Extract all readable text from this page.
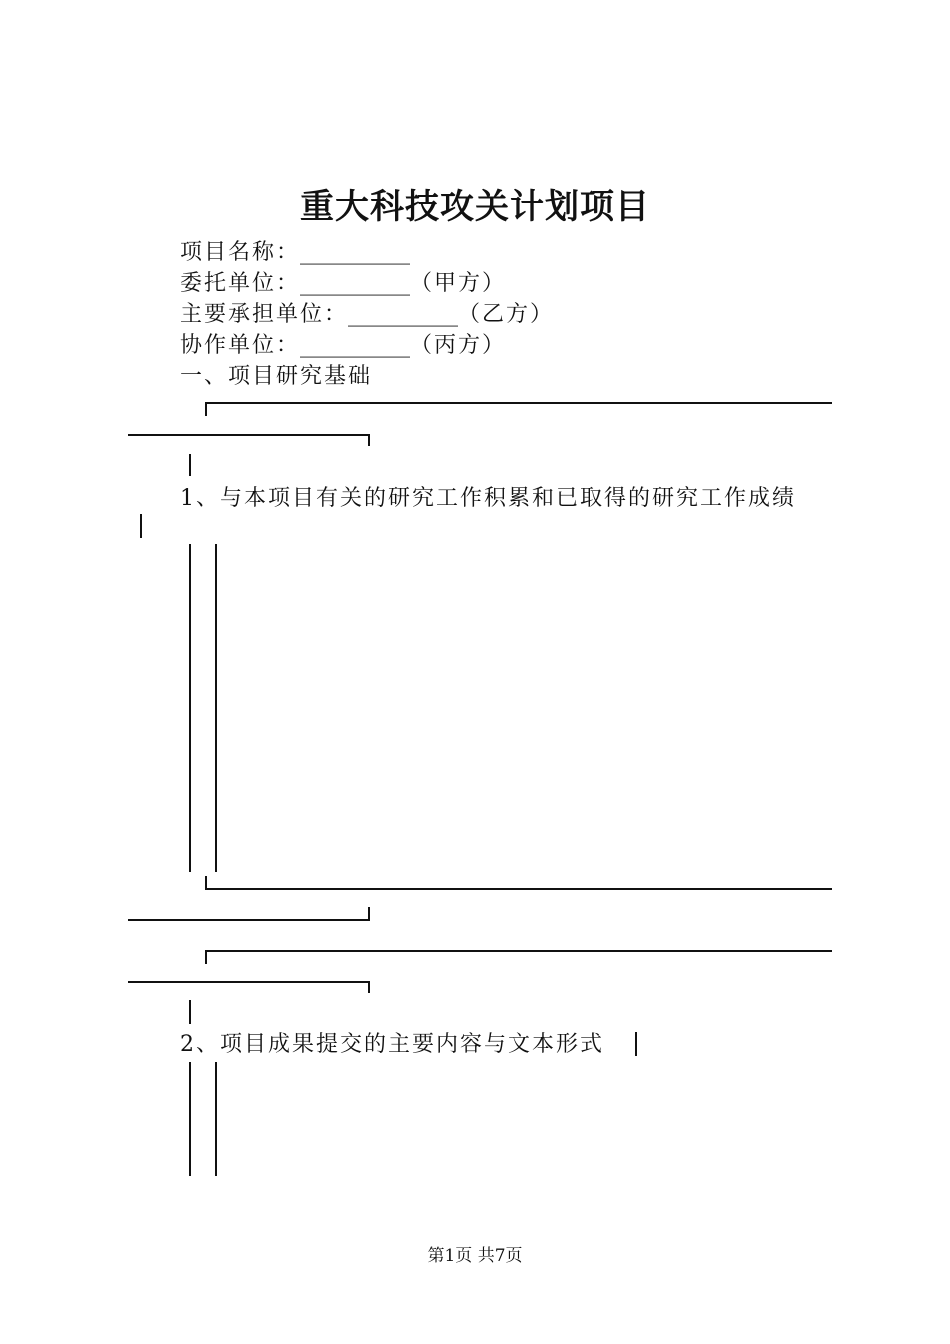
重大科技攻关计划项目
项目名称：__________
委托单位：__________（甲方）
主要承担单位：__________（乙方）
协作单位：__________（丙方）
一、项目研究基础
1、与本项目有关的研究工作积累和已取得的研究工作成绩
2、项目成果提交的主要内容与文本形式
第1页 共7页
